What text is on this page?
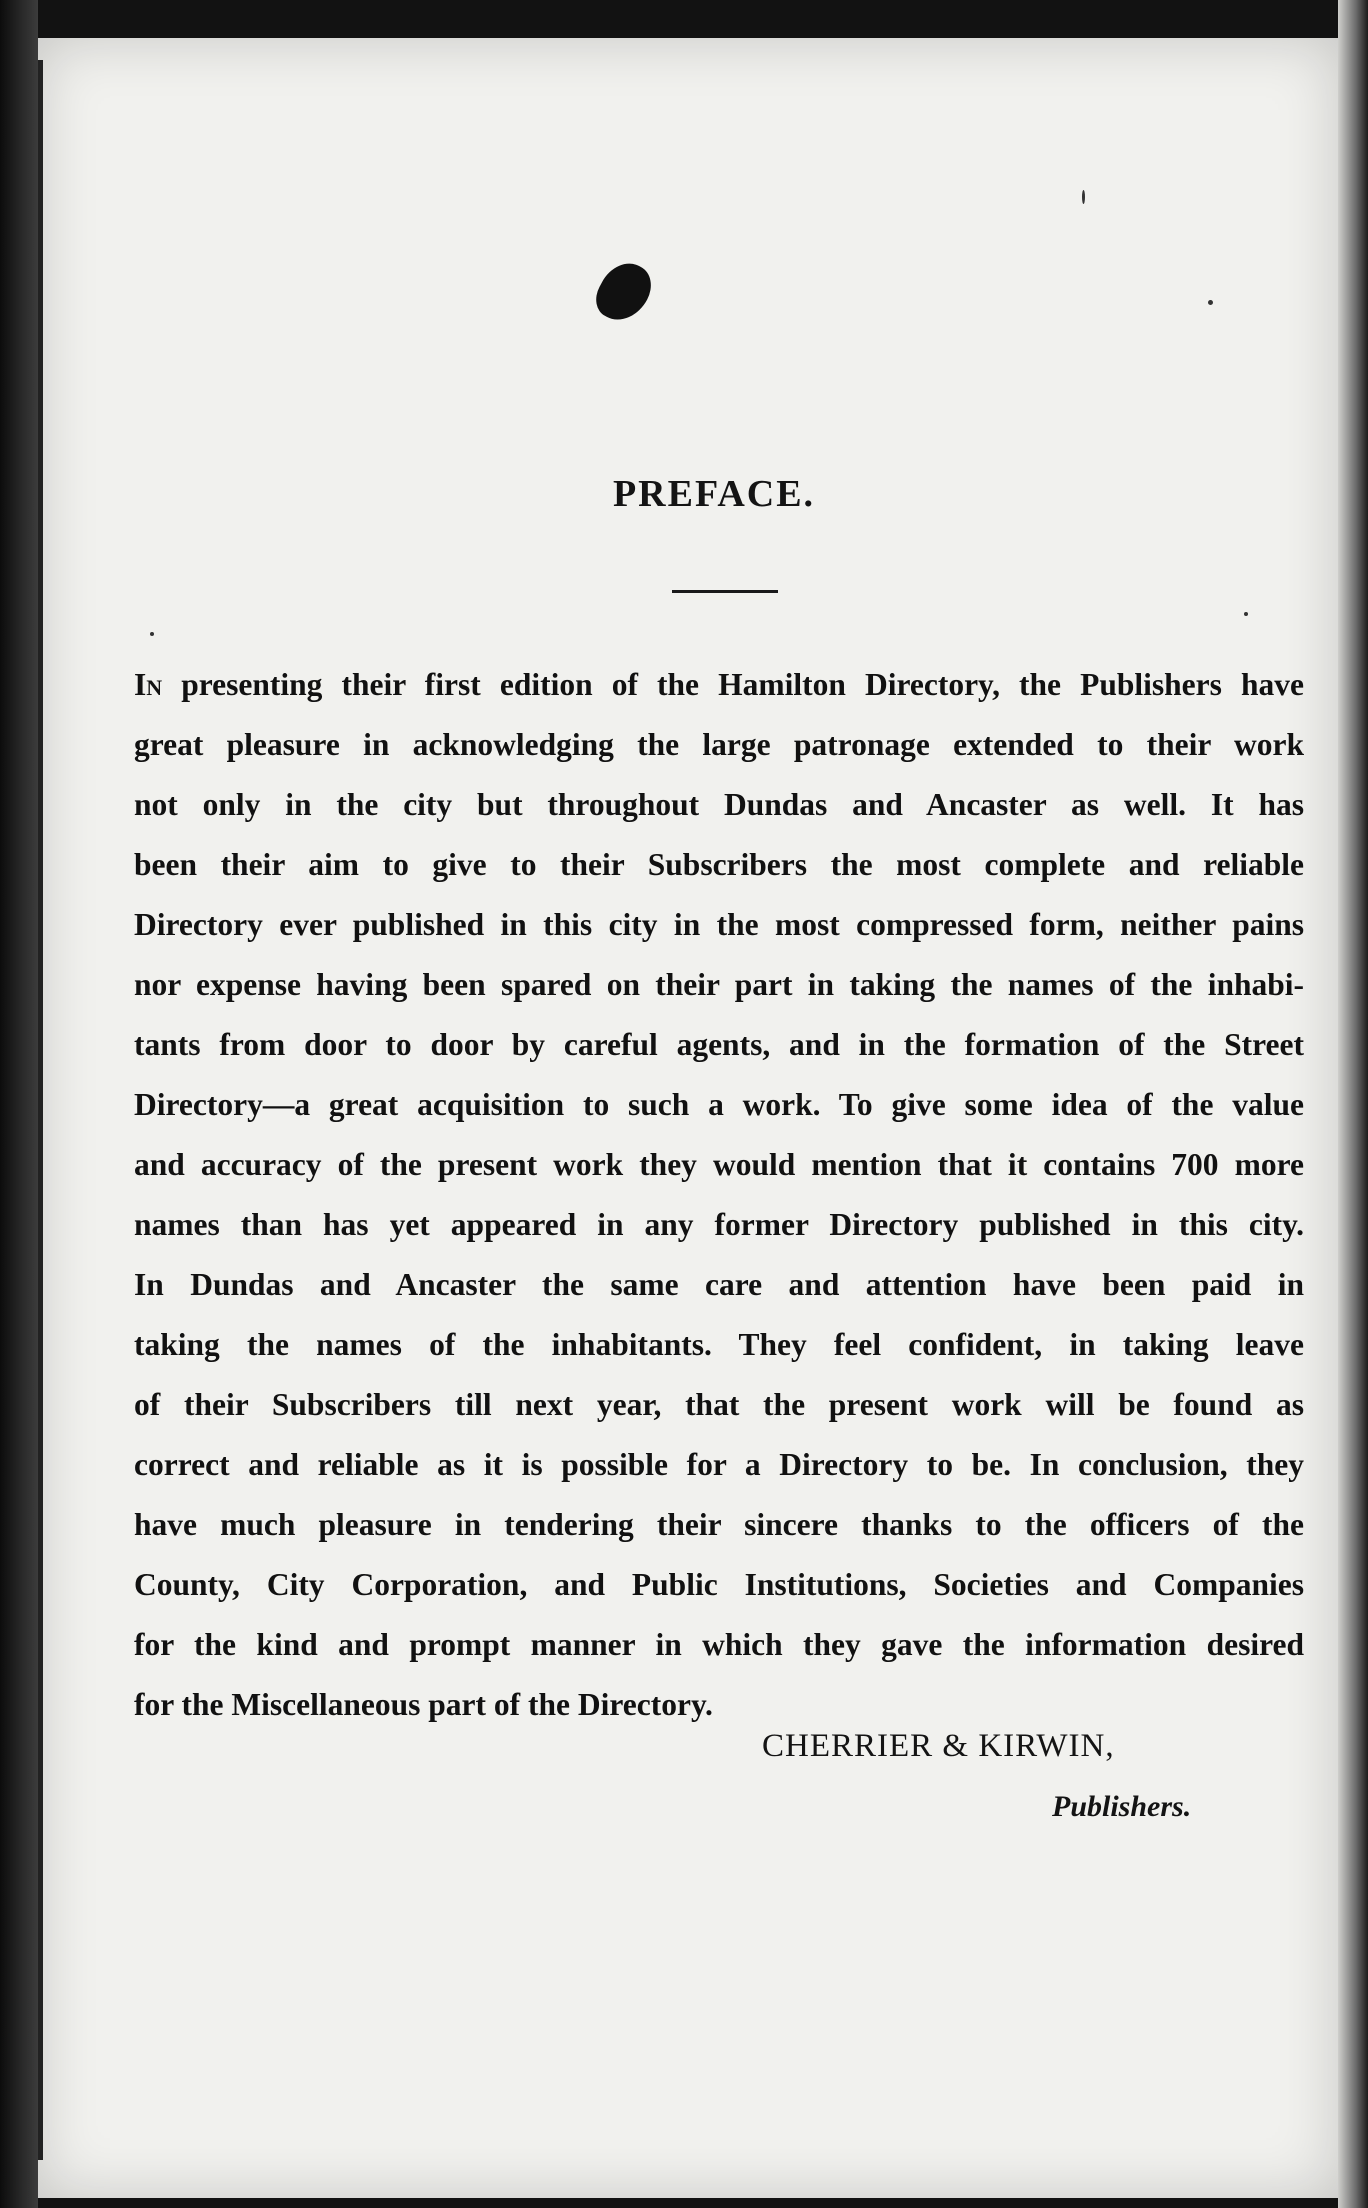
PREFACE.
In presenting their first edition of the Hamilton Directory, the Publishers have
great pleasure in acknowledging the large patronage extended to their work
not only in the city but throughout Dundas and Ancaster as well. It has
been their aim to give to their Subscribers the most complete and reliable
Directory ever published in this city in the most compressed form, neither pains
nor expense having been spared on their part in taking the names of the inhabi-
tants from door to door by careful agents, and in the formation of the Street
Directory—a great acquisition to such a work. To give some idea of the value
and accuracy of the present work they would mention that it contains 700 more
names than has yet appeared in any former Directory published in this city.
In Dundas and Ancaster the same care and attention have been paid in
taking the names of the inhabitants. They feel confident, in taking leave
of their Subscribers till next year, that the present work will be found as
correct and reliable as it is possible for a Directory to be. In conclusion, they
have much pleasure in tendering their sincere thanks to the officers of the
County, City Corporation, and Public Institutions, Societies and Companies
for the kind and prompt manner in which they gave the information desired
for the Miscellaneous part of the Directory.
CHERRIER & KIRWIN,
Publishers.
